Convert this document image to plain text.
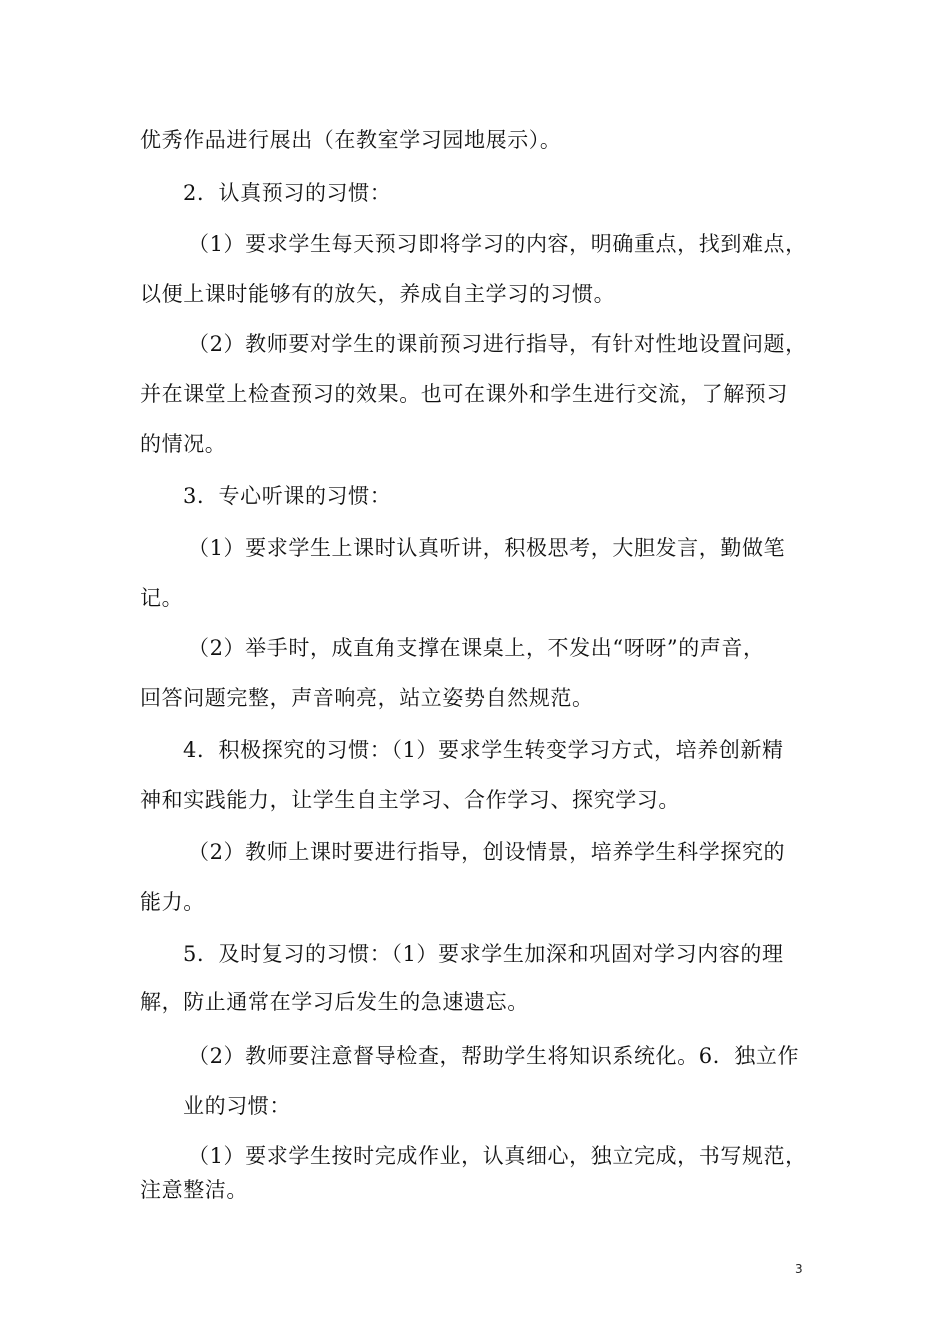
优秀作品进行展出（在教室学习园地展示）。
2．认真预习的习惯：
（1）要求学生每天预习即将学习的内容，明确重点，找到难点，
以便上课时能够有的放矢，养成自主学习的习惯。
（2）教师要对学生的课前预习进行指导，有针对性地设置问题，
并在课堂上检查预习的效果。也可在课外和学生进行交流，了解预习
的情况。
3．专心听课的习惯：
（1）要求学生上课时认真听讲，积极思考，大胆发言，勤做笔
记。
（2）举手时，成直角支撑在课桌上，不发出“呀呀”的声音，
回答问题完整，声音响亮，站立姿势自然规范。
4．积极探究的习惯：（1）要求学生转变学习方式，培养创新精
神和实践能力，让学生自主学习、合作学习、探究学习。
（2）教师上课时要进行指导，创设情景，培养学生科学探究的
能力。
5．及时复习的习惯：（1）要求学生加深和巩固对学习内容的理
解，防止通常在学习后发生的急速遗忘。
（2）教师要注意督导检查，帮助学生将知识系统化。6．独立作
业的习惯：
（1）要求学生按时完成作业，认真细心，独立完成，书写规范，
注意整洁。
3
